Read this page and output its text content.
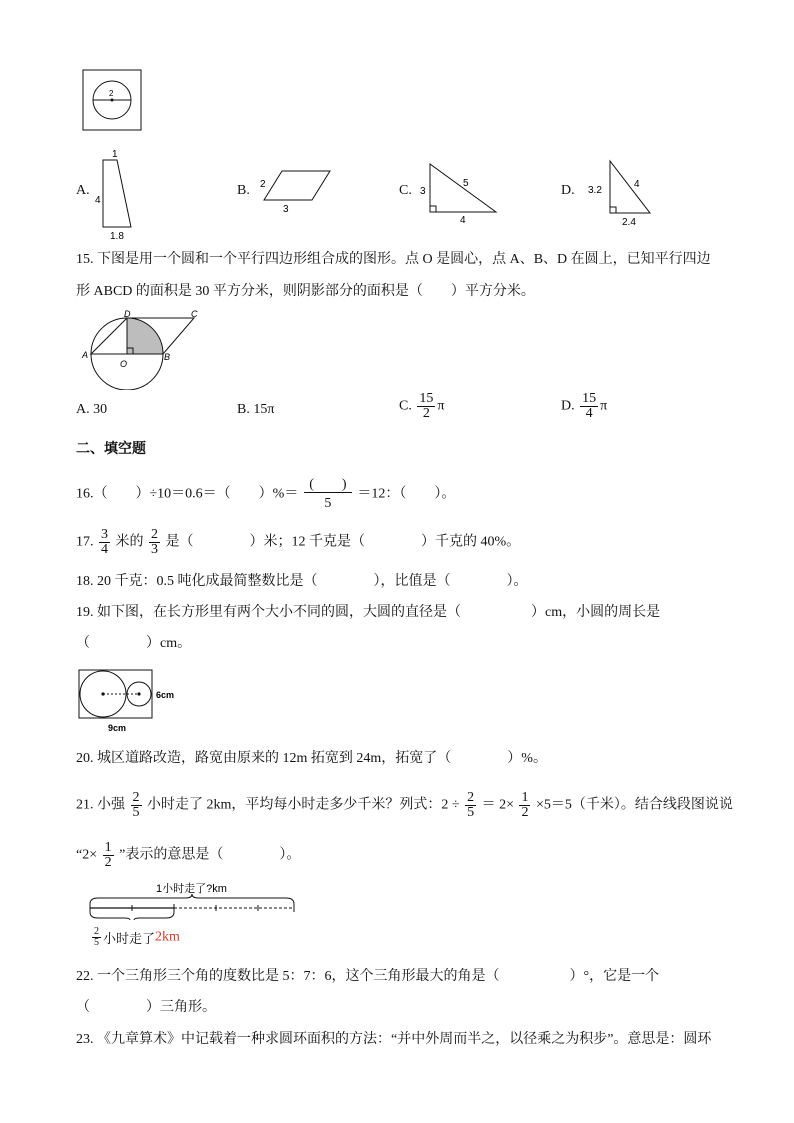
2
A.
1
4
1.8
B. 2
3
C. 3
5
4
D. 3.2
4
2.4
15. 下图是用一个圆和一个平行四边形组合成的图形。点 O 是圆心，点 A、B、D 在圆上，已知平行四边
形 ABCD 的面积是 30 平方分米，则阴影部分的面积是（　　）平方分米。
D	C
A
O
B
A. 30	B. 15π	C. $\frac{15}{2}$ π	D. $\frac{15}{4}$ π
二、填空题
16.（　　）÷10＝0.6＝（　　）%＝ $\frac{( )}{5} =12$：（　　）。
17. $\frac{3}{4}$ 米的 $\frac{2}{3}$ 是（　　　　）米；12 千克是（　　　　）千克的 40%。
18. 20 千克：0.5 吨化成最简整数比是（　　　　），比值是（　　　　）。
19. 如下图，在长方形里有两个大小不同的圆，大圆的直径是（　　　　　）cm，小圆的周长是
（　　　　）cm。
6cm
9cm
20. 城区道路改造，路宽由原来的 12m 拓宽到 24m，拓宽了（　　　　）%。
21. 小强 $\frac{2}{5}$ 小时走了 2km，平均每小时走多少千米？列式：$2 \div \frac{2}{5} = 2\times \frac{1}{2} \times 5=5$（千米）。结合线段图说说
“$2\times \frac{1}{2}$ ”表示的意思是（　　　　）。
1小时走了?km
$\frac{2}{5}$ 小时走了2km
22. 一个三角形三个角的度数比是 5：7：6，这个三角形最大的角是（　　　　　）°，它是一个
（　　　　）三角形。
23. 《九章算术》中记载着一种求圆环面积的方法：“并中外周而半之，以径乘之为积步”。意思是：圆环
